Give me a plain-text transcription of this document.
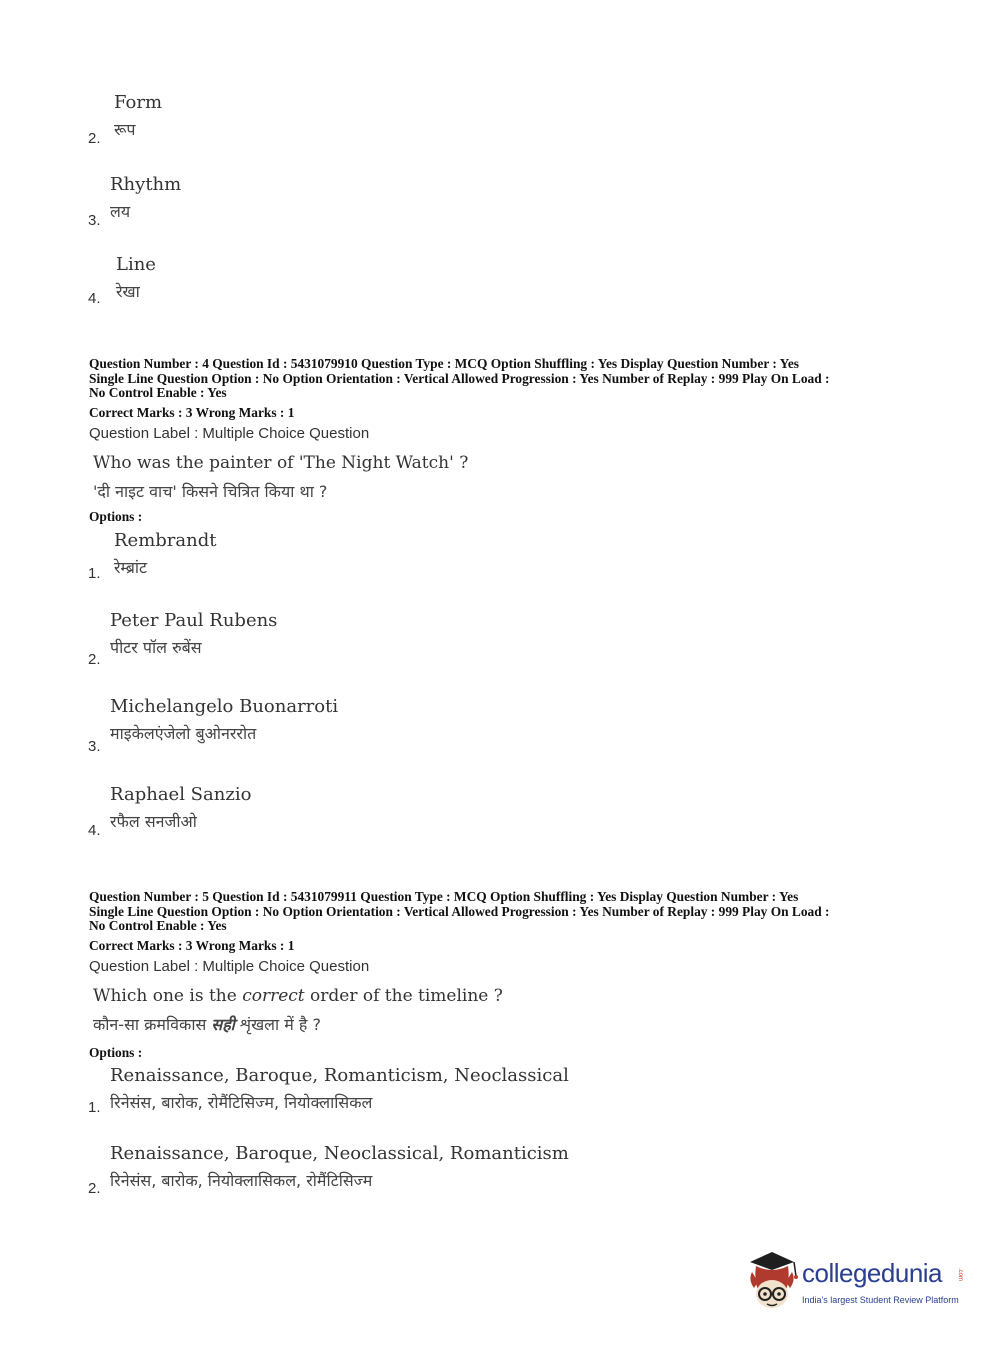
Form
रूप
2.
Rhythm
लय
3.
Line
रेखा
4.
Question Number : 4 Question Id : 5431079910 Question Type : MCQ Option Shuffling : Yes Display Question Number : Yes
Single Line Question Option : No Option Orientation : Vertical Allowed Progression : Yes Number of Replay : 999 Play On Load :
No Control Enable : Yes
Correct Marks : 3 Wrong Marks : 1
Question Label : Multiple Choice Question
Who was the painter of 'The Night Watch' ?
'दी नाइट वाच' किसने चित्रित किया था ?
Options :
Rembrandt
रेम्ब्रांट
1.
Peter Paul Rubens
पीटर पॉल रुबेंस
2.
Michelangelo Buonarroti
माइकेलएंजेलो बुओनररोत
3.
Raphael Sanzio
रफैल सनजीओ
4.
Question Number : 5 Question Id : 5431079911 Question Type : MCQ Option Shuffling : Yes Display Question Number : Yes
Single Line Question Option : No Option Orientation : Vertical Allowed Progression : Yes Number of Replay : 999 Play On Load :
No Control Enable : Yes
Correct Marks : 3 Wrong Marks : 1
Question Label : Multiple Choice Question
Which one is the correct order of the timeline ?
कौन-सा क्रमविकास सही शृंखला में है ?
Options :
Renaissance, Baroque, Romanticism, Neoclassical
रिनेसंस, बारोक, रोमैंटिसिज्म, नियोक्लासिकल
1.
Renaissance, Baroque, Neoclassical, Romanticism
रिनेसंस, बारोक, नियोक्लासिकल, रोमैंटिसिज्म
2.
collegedunia .com
India's largest Student Review Platform
